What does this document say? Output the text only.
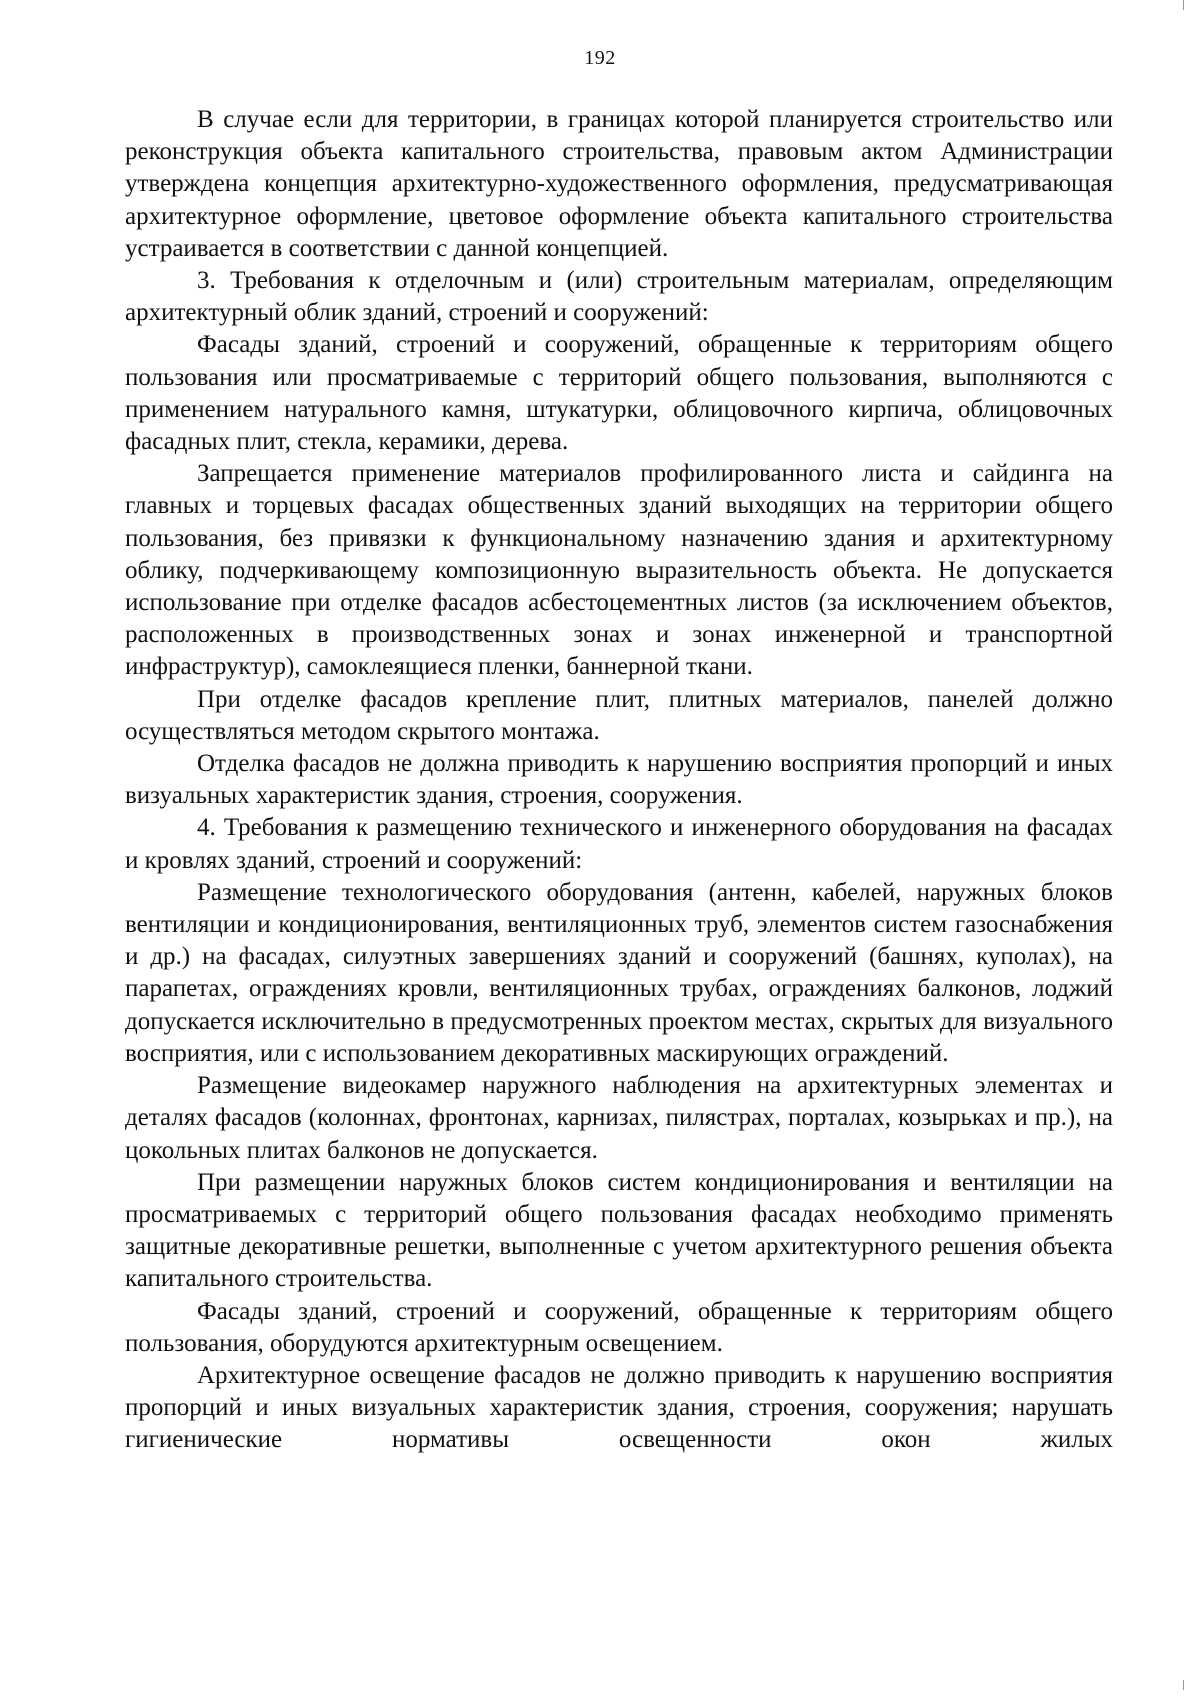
192

В случае если для территории, в границах которой планируется строительство или реконструкция объекта капитального строительства, правовым актом Администрации утверждена концепция архитектурно-художественного оформления, предусматривающая архитектурное оформление, цветовое оформление объекта капитального строительства устраивается в соответствии с данной концепцией.

3. Требования к отделочным и (или) строительным материалам, определяющим архитектурный облик зданий, строений и сооружений:

Фасады зданий, строений и сооружений, обращенные к территориям общего пользования или просматриваемые с территорий общего пользования, выполняются с применением натурального камня, штукатурки, облицовочного кирпича, облицовочных фасадных плит, стекла, керамики, дерева.

Запрещается применение материалов профилированного листа и сайдинга на главных и торцевых фасадах общественных зданий выходящих на территории общего пользования, без привязки к функциональному назначению здания и архитектурному облику, подчеркивающему композиционную выразительность объекта. Не допускается использование при отделке фасадов асбестоцементных листов (за исключением объектов, расположенных в производственных зонах и зонах инженерной и транспортной инфраструктур), самоклеящиеся пленки, баннерной ткани.

При отделке фасадов крепление плит, плитных материалов, панелей должно осуществляться методом скрытого монтажа.

Отделка фасадов не должна приводить к нарушению восприятия пропорций и иных визуальных характеристик здания, строения, сооружения.

4. Требования к размещению технического и инженерного оборудования на фасадах и кровлях зданий, строений и сооружений:

Размещение технологического оборудования (антенн, кабелей, наружных блоков вентиляции и кондиционирования, вентиляционных труб, элементов систем газоснабжения и др.) на фасадах, силуэтных завершениях зданий и сооружений (башнях, куполах), на парапетах, ограждениях кровли, вентиляционных трубах, ограждениях балконов, лоджий допускается исключительно в предусмотренных проектом местах, скрытых для визуального восприятия, или с использованием декоративных маскирующих ограждений.

Размещение видеокамер наружного наблюдения на архитектурных элементах и деталях фасадов (колоннах, фронтонах, карнизах, пилястрах, порталах, козырьках и пр.), на цокольных плитах балконов не допускается.

При размещении наружных блоков систем кондиционирования и вентиляции на просматриваемых с территорий общего пользования фасадах необходимо применять защитные декоративные решетки, выполненные с учетом архитектурного решения объекта капитального строительства.

Фасады зданий, строений и сооружений, обращенные к территориям общего пользования, оборудуются архитектурным освещением.

Архитектурное освещение фасадов не должно приводить к нарушению восприятия пропорций и иных визуальных характеристик здания, строения, сооружения; нарушать гигиенические нормативы освещенности окон жилых
